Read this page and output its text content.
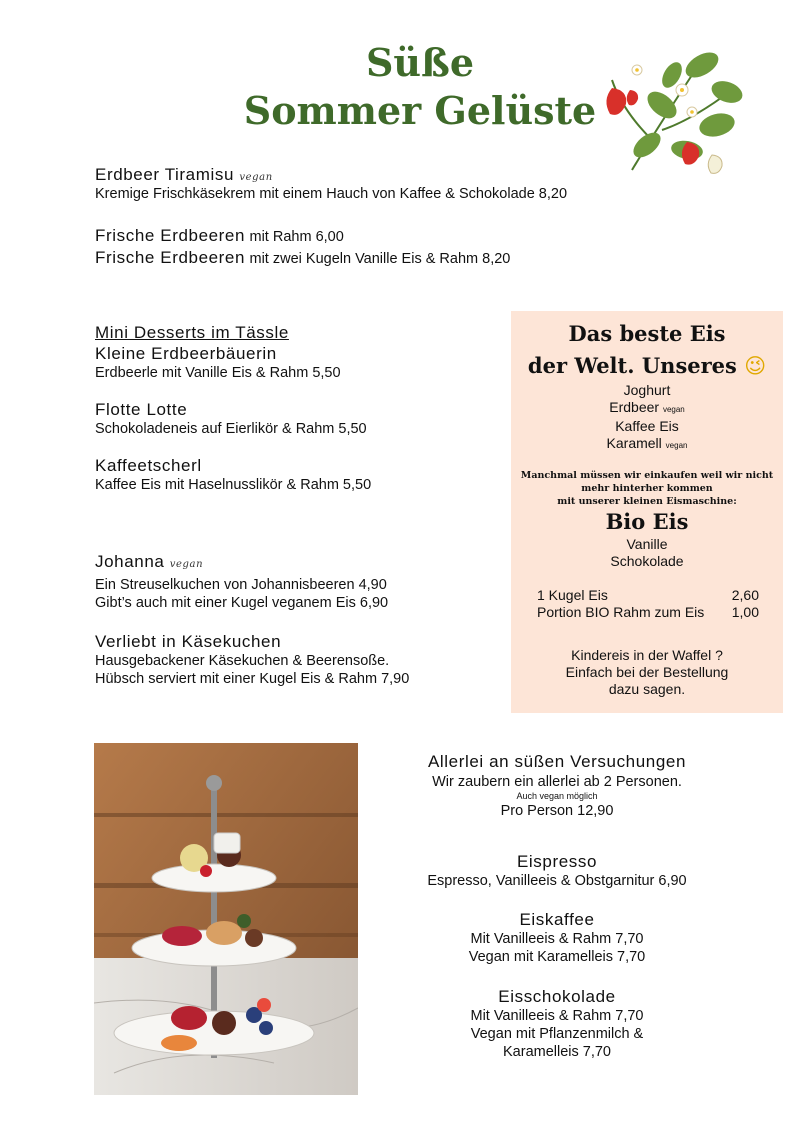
Süße
Sommer Gelüste
Erdbeer Tiramisu vegan
Kremige Frischkäsekrem mit einem Hauch von Kaffee & Schokolade 8,20
Frische Erdbeeren mit Rahm 6,00
Frische Erdbeeren mit zwei Kugeln Vanille Eis & Rahm 8,20
Mini Desserts im Tässle
Kleine Erdbeerbäuerin
Erdbeerle mit Vanille Eis & Rahm 5,50
Flotte Lotte
Schokoladeneis auf Eierlikör & Rahm 5,50
Kaffeetscherl
Kaffee Eis mit Haselnusslikör & Rahm 5,50
Johanna vegan
Ein Streuselkuchen von Johannisbeeren 4,90
Gibt’s auch mit einer Kugel veganem Eis 6,90
Verliebt in Käsekuchen
Hausgebackener Käsekuchen & Beerensoße.
Hübsch serviert mit einer Kugel Eis & Rahm 7,90
Das beste Eis
der Welt. Unseres 😉
Joghurt
Erdbeer vegan
Kaffee Eis
Karamell vegan
Manchmal müssen wir einkaufen weil wir nicht
mehr hinterher kommen
mit unserer kleinen Eismaschine:
Bio Eis
Vanille
Schokolade
1 Kugel Eis	2,60
Portion BIO Rahm zum Eis 1,00
Kindereis in der Waffel ?
Einfach bei der Bestellung
dazu sagen.
Allerlei an süßen Versuchungen
Wir zaubern ein allerlei ab 2 Personen.
Auch vegan möglich
Pro Person 12,90
Eispresso
Espresso, Vanilleeis & Obstgarnitur 6,90
Eiskaffee
Mit Vanilleeis & Rahm 7,70
Vegan mit Karamelleis 7,70
Eisschokolade
Mit Vanilleeis & Rahm 7,70
Vegan mit Pflanzenmilch &
Karamelleis 7,70
